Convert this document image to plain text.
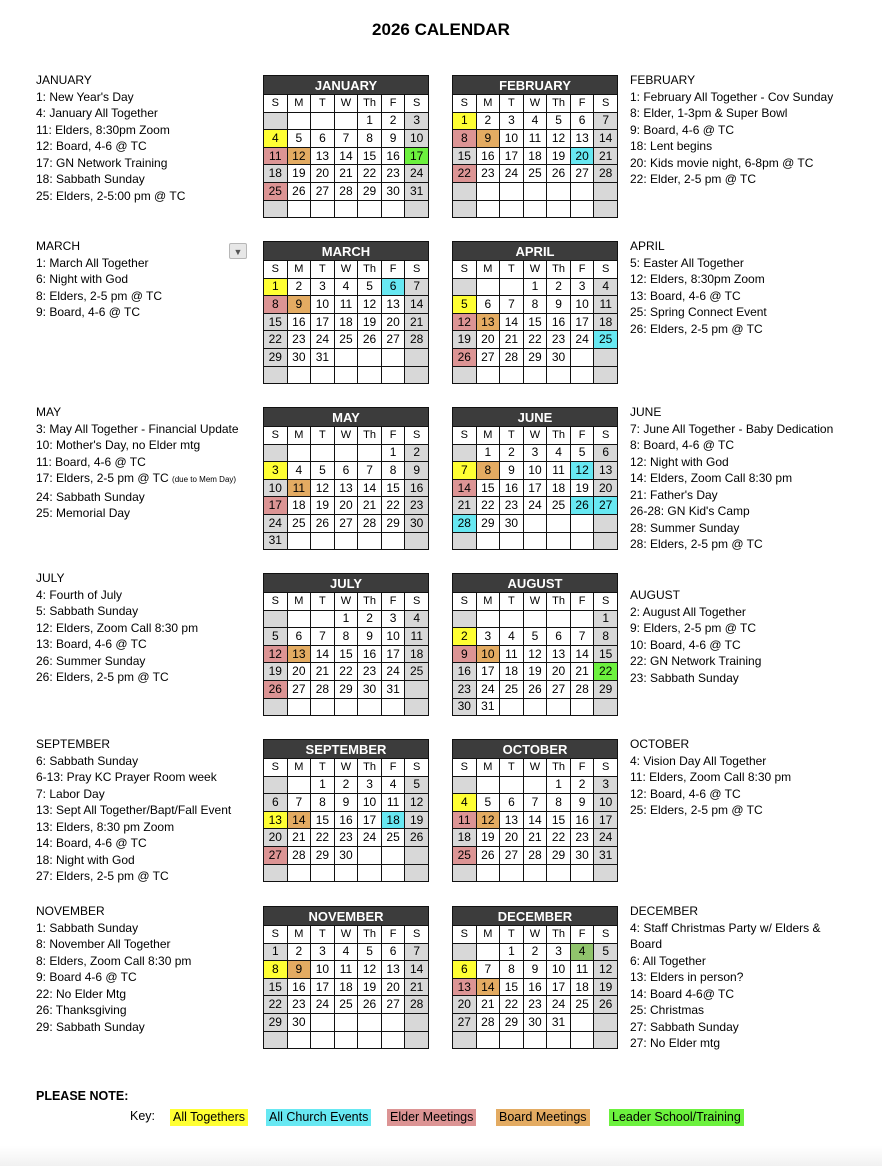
2026 CALENDAR
JANUARY
1: New Year's Day
4: January All Together
11: Elders, 8:30pm Zoom
12: Board, 4-6 @ TC
17: GN Network Training
18: Sabbath Sunday
25: Elders, 2-5:00 pm @ TC
JANUARY						
S	M	T	W	Th	F	S
				1	2	3
4	5	6	7	8	9	10
11	12	13	14	15	16	17
18	19	20	21	22	23	24
25	26	27	28	29	30	31

FEBRUARY
1: February All Together - Cov Sunday
8: Elder, 1-3pm & Super Bowl
9: Board, 4-6 @ TC
18: Lent begins
20: Kids movie night, 6-8pm @ TC
22: Elder, 2-5 pm @ TC
FEBRUARY						
S	M	T	W	Th	F	S
1	2	3	4	5	6	7
8	9	10	11	12	13	14
15	16	17	18	19	20	21
22	23	24	25	26	27	28

MARCH
1: March All Together
6: Night with God
8: Elders, 2-5 pm @ TC
9: Board, 4-6 @ TC
MARCH						
S	M	T	W	Th	F	S
1	2	3	4	5	6	7
8	9	10	11	12	13	14
15	16	17	18	19	20	21
22	23	24	25	26	27	28
29	30	31				

APRIL
5: Easter All Together
12: Elders, 8:30pm Zoom
13: Board, 4-6 @ TC
25: Spring Connect Event
26: Elders, 2-5 pm @ TC
APRIL						
S	M	T	W	Th	F	S
			1	2	3	4
5	6	7	8	9	10	11
12	13	14	15	16	17	18
19	20	21	22	23	24	25
26	27	28	29	30		

MAY
3: May All Together - Financial Update
10: Mother's Day, no Elder mtg
11: Board, 4-6 @ TC
17: Elders, 2-5 pm @ TC (due to Mem Day)
24: Sabbath Sunday
25: Memorial Day
MAY						
S	M	T	W	Th	F	S
					1	2
3	4	5	6	7	8	9
10	11	12	13	14	15	16
17	18	19	20	21	22	23
24	25	26	27	28	29	30
31						
JUNE
7: June All Together - Baby Dedication
8: Board, 4-6 @ TC
12: Night with God
14: Elders, Zoom Call 8:30 pm
21: Father's Day
26-28: GN Kid's Camp
28: Summer Sunday
28: Elders, 2-5 pm @ TC
JUNE						
S	M	T	W	Th	F	S
	1	2	3	4	5	6
7	8	9	10	11	12	13
14	15	16	17	18	19	20
21	22	23	24	25	26	27
28	29	30				

JULY
4: Fourth of July
5: Sabbath Sunday
12: Elders, Zoom Call 8:30 pm
13: Board, 4-6 @ TC
26: Summer Sunday
26: Elders, 2-5 pm @ TC
JULY						
S	M	T	W	Th	F	S
			1	2	3	4
5	6	7	8	9	10	11
12	13	14	15	16	17	18
19	20	21	22	23	24	25
26	27	28	29	30	31	

AUGUST
2: August All Together
9: Elders, 2-5 pm @ TC
10: Board, 4-6 @ TC
22: GN Network Training
23: Sabbath Sunday
AUGUST						
S	M	T	W	Th	F	S
						1
2	3	4	5	6	7	8
9	10	11	12	13	14	15
16	17	18	19	20	21	22
23	24	25	26	27	28	29
30	31					
SEPTEMBER
6: Sabbath Sunday
6-13: Pray KC Prayer Room week
7: Labor Day
13: Sept All Together/Bapt/Fall Event
13: Elders, 8:30 pm Zoom
14: Board, 4-6 @ TC
18: Night with God
27: Elders, 2-5 pm @ TC
SEPTEMBER						
S	M	T	W	Th	F	S
		1	2	3	4	5
6	7	8	9	10	11	12
13	14	15	16	17	18	19
20	21	22	23	24	25	26
27	28	29	30			

OCTOBER
4: Vision Day All Together
11: Elders, Zoom Call 8:30 pm
12: Board, 4-6 @ TC
25: Elders, 2-5 pm @ TC
OCTOBER						
S	M	T	W	Th	F	S
				1	2	3
4	5	6	7	8	9	10
11	12	13	14	15	16	17
18	19	20	21	22	23	24
25	26	27	28	29	30	31

NOVEMBER
1: Sabbath Sunday
8: November All Together
8: Elders, Zoom Call 8:30 pm
9: Board 4-6 @ TC
22: No Elder Mtg
26: Thanksgiving
29: Sabbath Sunday
NOVEMBER						
S	M	T	W	Th	F	S
1	2	3	4	5	6	7
8	9	10	11	12	13	14
15	16	17	18	19	20	21
22	23	24	25	26	27	28
29	30					

DECEMBER
4: Staff Christmas Party w/ Elders &
Board
6: All Together
13: Elders in person?
14: Board 4-6@ TC
25: Christmas
27: Sabbath Sunday
27: No Elder mtg
DECEMBER						
S	M	T	W	Th	F	S
		1	2	3	4	5
6	7	8	9	10	11	12
13	14	15	16	17	18	19
20	21	22	23	24	25	26
27	28	29	30	31		

▼
PLEASE NOTE:
Key: All Togethers All Church Events Elder Meetings Board Meetings Leader School/Training
